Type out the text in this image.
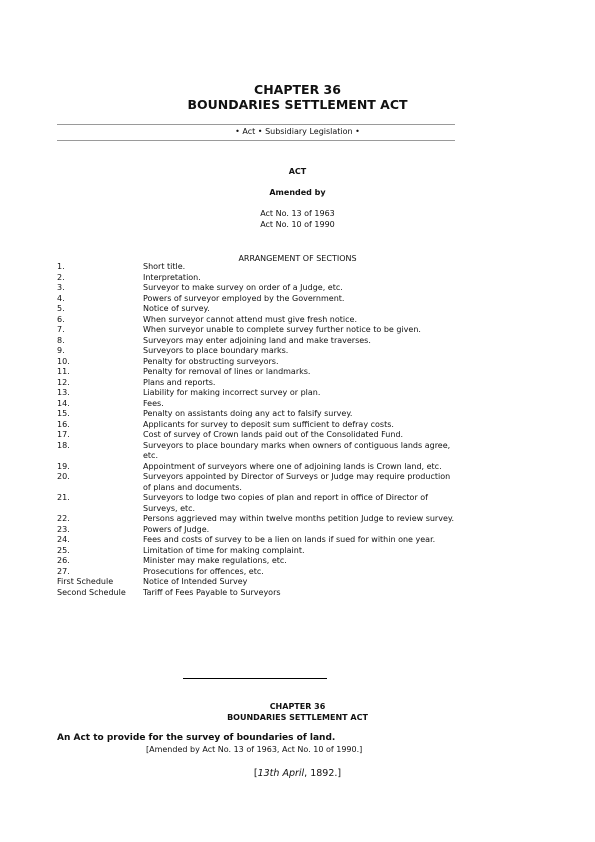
CHAPTER 36
BOUNDARIES SETTLEMENT ACT
• Act • Subsidiary Legislation •
ACT
Amended by
Act No. 13 of 1963
Act No. 10 of 1990
ARRANGEMENT OF SECTIONS
1.	Short title.
2.	Interpretation.
3.	Surveyor to make survey on order of a Judge, etc.
4.	Powers of surveyor employed by the Government.
5.	Notice of survey.
6.	When surveyor cannot attend must give fresh notice.
7.	When surveyor unable to complete survey further notice to be given.
8.	Surveyors may enter adjoining land and make traverses.
9.	Surveyors to place boundary marks.
10.	Penalty for obstructing surveyors.
11.	Penalty for removal of lines or landmarks.
12.	Plans and reports.
13.	Liability for making incorrect survey or plan.
14.	Fees.
15.	Penalty on assistants doing any act to falsify survey.
16.	Applicants for survey to deposit sum sufficient to defray costs.
17.	Cost of survey of Crown lands paid out of the Consolidated Fund.
18.	Surveyors to place boundary marks when owners of contiguous lands agree, etc.
19.	Appointment of surveyors where one of adjoining lands is Crown land, etc.
20.	Surveyors appointed by Director of Surveys or Judge may require production of plans and documents.
21.	Surveyors to lodge two copies of plan and report in office of Director of Surveys, etc.
22.	Persons aggrieved may within twelve months petition Judge to review survey.
23.	Powers of Judge.
24.	Fees and costs of survey to be a lien on lands if sued for within one year.
25.	Limitation of time for making complaint.
26.	Minister may make regulations, etc.
27.	Prosecutions for offences, etc.
First Schedule	Notice of Intended Survey
Second Schedule	Tariff of Fees Payable to Surveyors
CHAPTER 36
BOUNDARIES SETTLEMENT ACT
An Act to provide for the survey of boundaries of land.
[Amended by Act No. 13 of 1963, Act No. 10 of 1990.]
[13th April, 1892.]
